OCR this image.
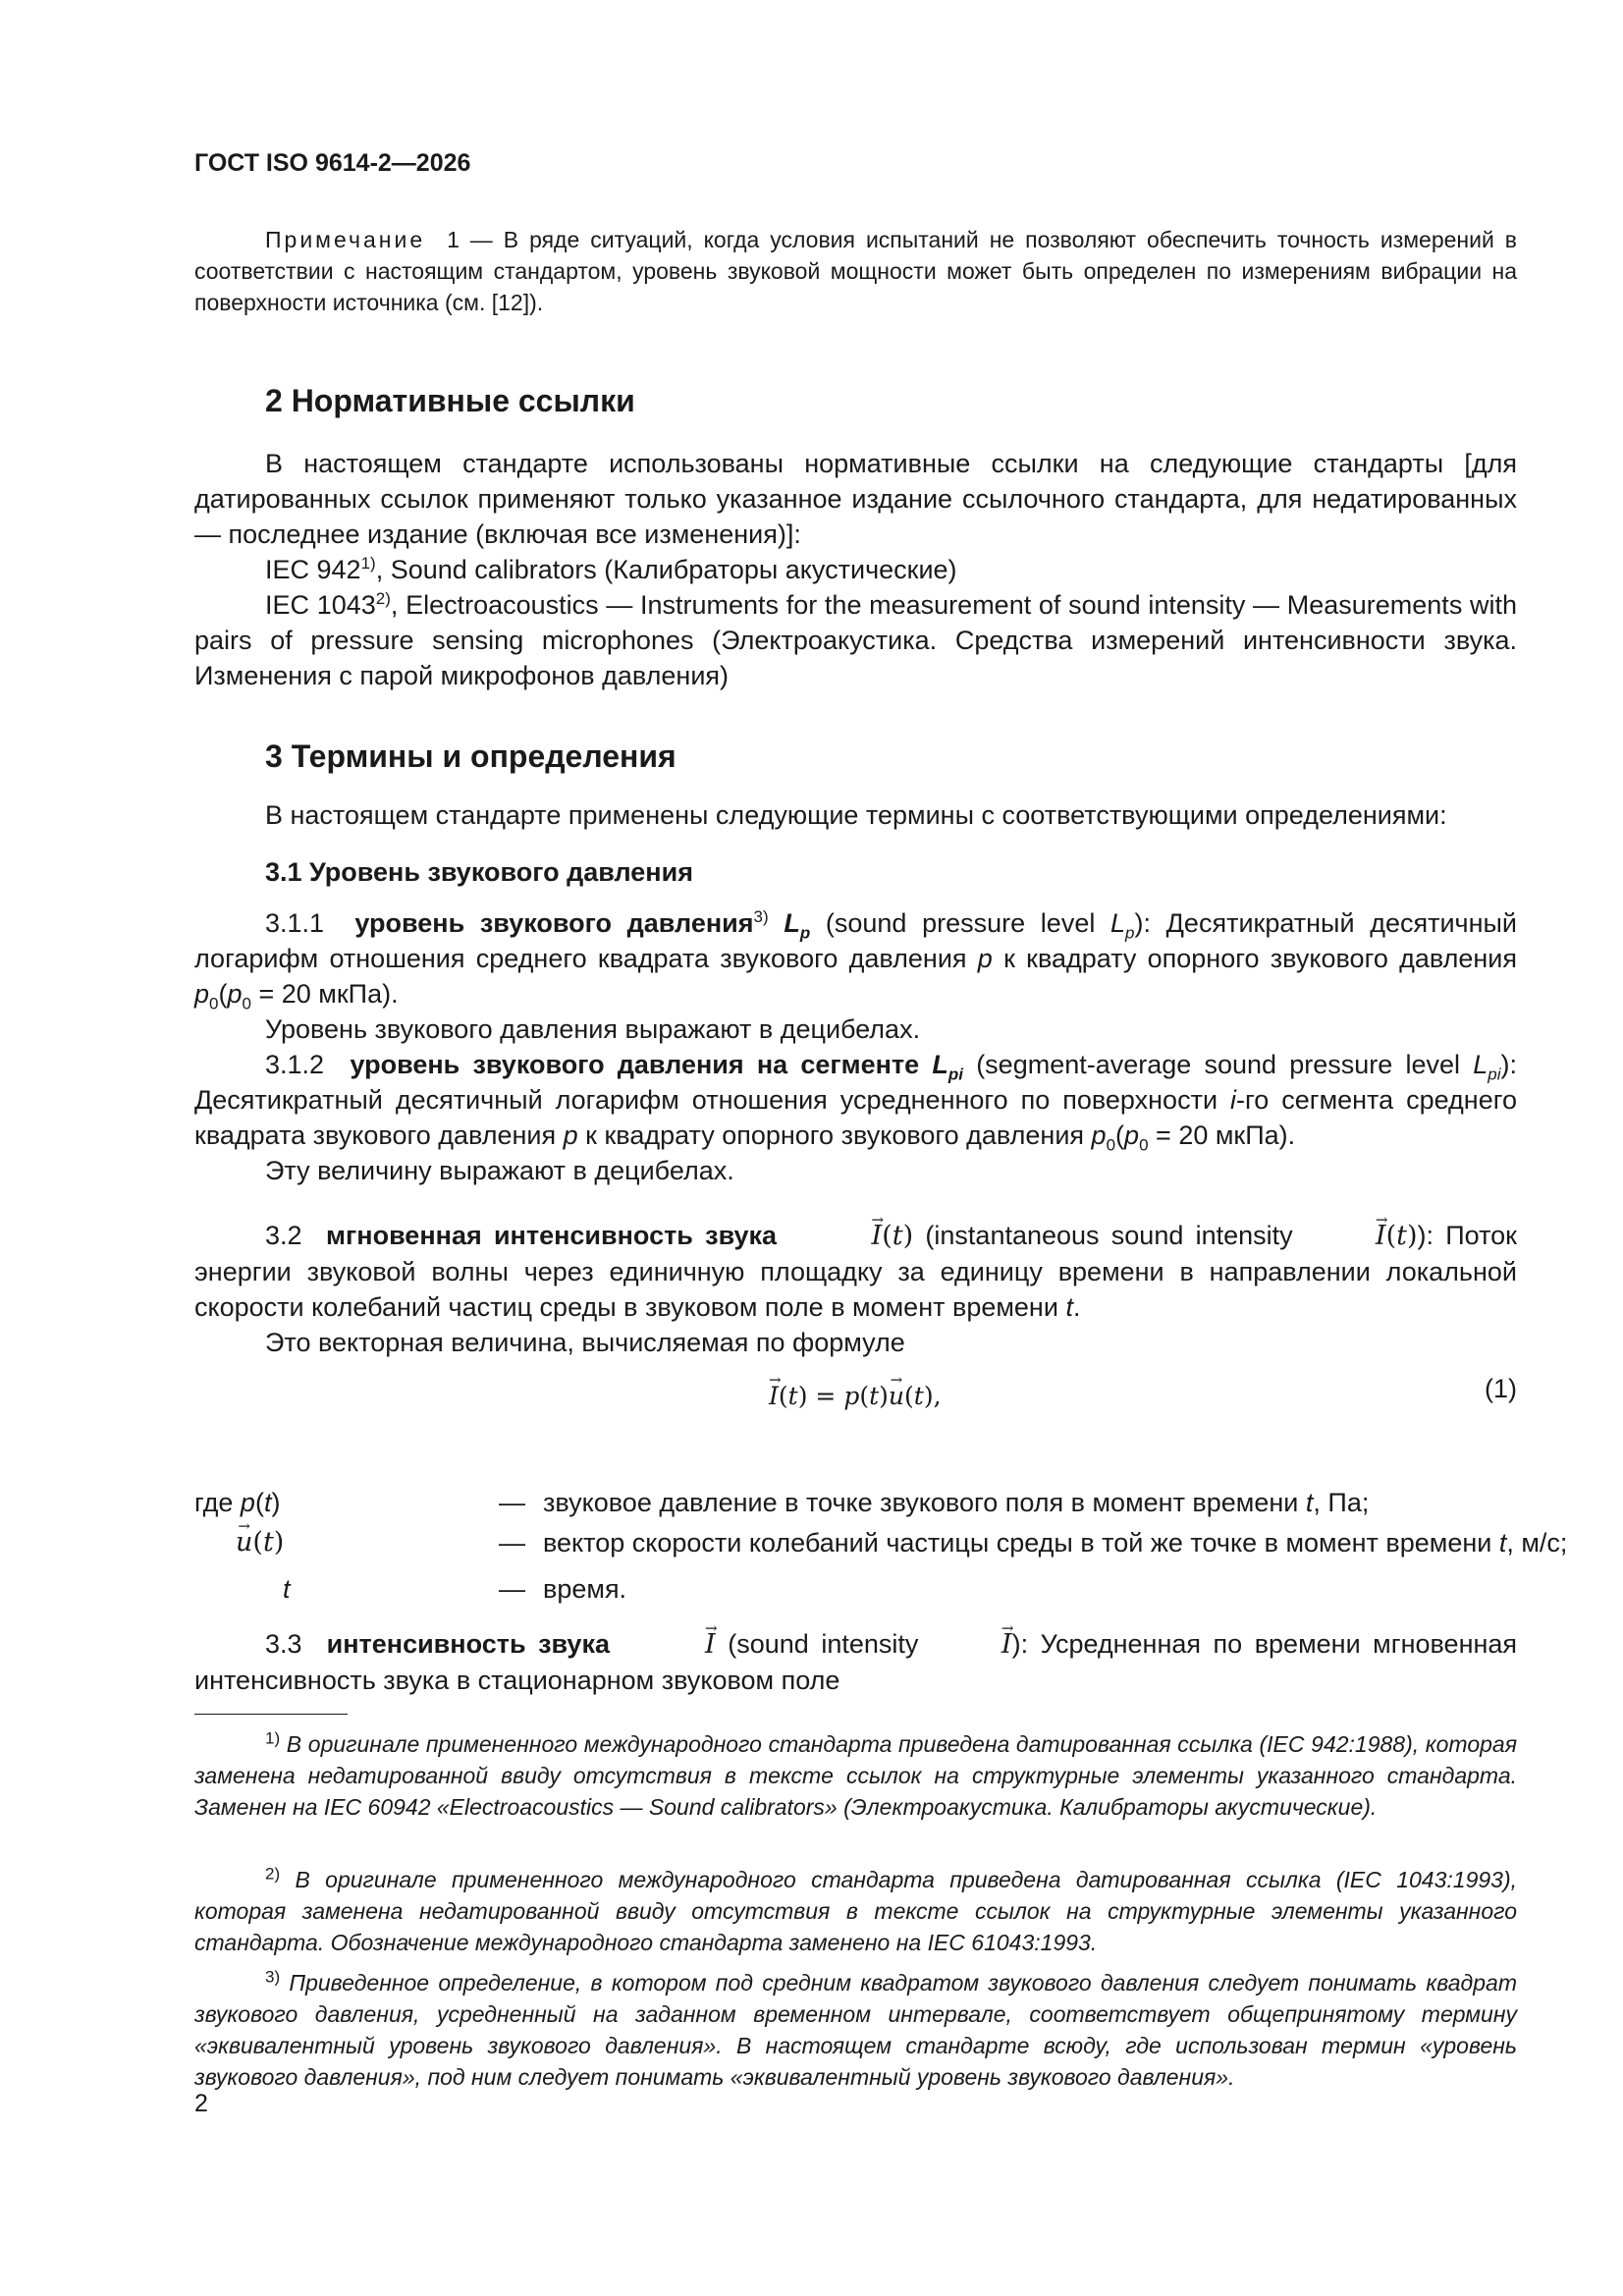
ГОСТ ISO 9614-2—2026

Примечание 1 — В ряде ситуаций, когда условия испытаний не позволяют обеспечить точность измерений в соответствии с настоящим стандартом, уровень звуковой мощности может быть определен по измерениям вибрации на поверхности источника (см. [12]).

2 Нормативные ссылки

В настоящем стандарте использованы нормативные ссылки на следующие стандарты [для датированных ссылок применяют только указанное издание ссылочного стандарта, для недатированных — последнее издание (включая все изменения)]:

IEC 942$^{1)}$, Sound calibrators (Калибраторы акустические)

IEC 1043$^{2)}$, Electroacoustics — Instruments for the measurement of sound intensity — Measurements with pairs of pressure sensing microphones (Электроакустика. Средства измерений интенсивности звука. Изменения с парой микрофонов давления)

3 Термины и определения

В настоящем стандарте применены следующие термины с соответствующими определениями:

3.1 Уровень звукового давления

3.1.1 уровень звукового давления$^{3)}$ $L_p$ (sound pressure level $L_p$): Десятикратный десятичный логарифм отношения среднего квадрата звукового давления p к квадрату опорного звукового давления $p_0(p_0 = 20$ мкПа).

Уровень звукового давления выражают в децибелах.

3.1.2 уровень звукового давления на сегменте $L_{pi}$ (segment-average sound pressure level $L_{pi}$): Десятикратный десятичный логарифм отношения усредненного по поверхности i-го сегмента среднего квадрата звукового давления p к квадрату опорного звукового давления $p_0(p_0 = 20$ мкПа).

Эту величину выражают в децибелах.

3.2 мгновенная интенсивность звука	→ I(t) (instantaneous sound intensity	→ I(t)): Поток энергии звуковой волны через единичную площадку за единицу времени в направлении локальной скорости колебаний частиц среды в звуковом поле в момент времени t.

Это векторная величина, вычисляемая по формуле

→ I(t) = p(t)→ u(t),	(1)
где p(t)	— звуковое давление в точке звукового поля в момент времени t, Па;
→ u(t)	— вектор скорости колебаний частицы среды в той же точке в момент времени t, м/с;
t	— время.

3.3 интенсивность звука	→ I (sound intensity	→ I): Усредненная по времени мгновенная интенсивность звука в стационарном звуковом поле

$^{1)}$ В оригинале примененного международного стандарта приведена датированная ссылка (IEC 942:1988), которая заменена недатированной ввиду отсутствия в тексте ссылок на структурные элементы указанного стандарта. Заменен на IEC 60942 «Electroacoustics — Sound calibrators» (Электроакустика. Калибраторы акустические).

$^{2)}$ В оригинале примененного международного стандарта приведена датированная ссылка (IEC 1043:1993), которая заменена недатированной ввиду отсутствия в тексте ссылок на структурные элементы указанного стандарта. Обозначение международного стандарта заменено на IEC 61043:1993.

$^{3)}$ Приведенное определение, в котором под средним квадратом звукового давления следует понимать квадрат звукового давления, усредненный на заданном временном интервале, соответствует общепринятому термину «эквивалентный уровень звукового давления». В настоящем стандарте всюду, где использован термин «уровень звукового давления», под ним следует понимать «эквивалентный уровень звукового давления».

2
